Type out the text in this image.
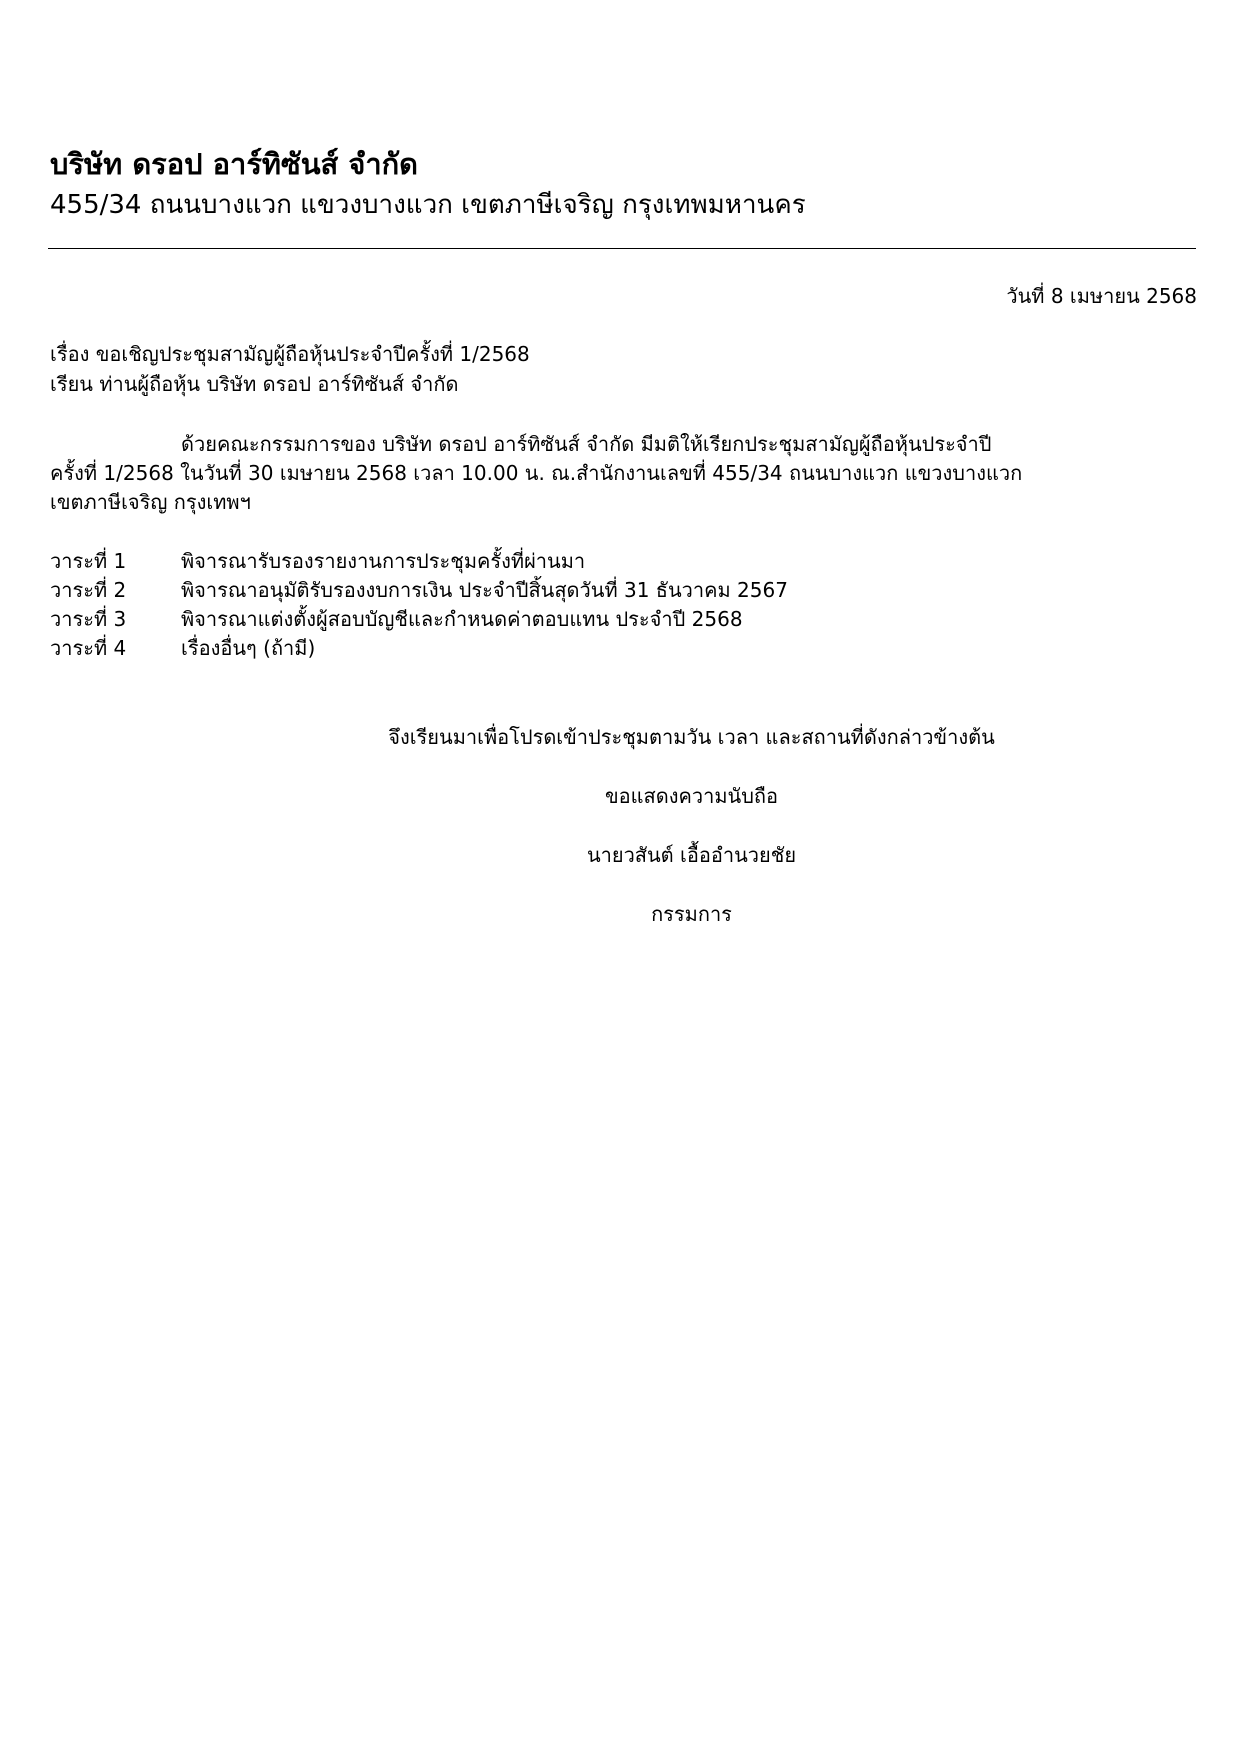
บริษัท ดรอป อาร์ทิซันส์ จำกัด
455/34 ถนนบางแวก แขวงบางแวก เขตภาษีเจริญ กรุงเทพมหานคร
วันที่ 8 เมษายน 2568
เรื่อง ขอเชิญประชุมสามัญผู้ถือหุ้นประจำปีครั้งที่ 1/2568
เรียน ท่านผู้ถือหุ้น บริษัท ดรอป อาร์ทิซันส์ จำกัด
ด้วยคณะกรรมการของ บริษัท ดรอป อาร์ทิซันส์ จำกัด มีมติให้เรียกประชุมสามัญผู้ถือหุ้นประจำปี
ครั้งที่ 1/2568 ในวันที่ 30 เมษายน 2568 เวลา 10.00 น. ณ.สำนักงานเลขที่ 455/34 ถนนบางแวก แขวงบางแวก
เขตภาษีเจริญ กรุงเทพฯ
วาระที่ 1	พิจารณารับรองรายงานการประชุมครั้งที่ผ่านมา
วาระที่ 2	พิจารณาอนุมัติรับรองงบการเงิน ประจำปีสิ้นสุดวันที่ 31 ธันวาคม 2567
วาระที่ 3	พิจารณาแต่งตั้งผู้สอบบัญชีและกำหนดค่าตอบแทน ประจำปี 2568
วาระที่ 4	เรื่องอื่นๆ (ถ้ามี)
จึงเรียนมาเพื่อโปรดเข้าประชุมตามวัน เวลา และสถานที่ดังกล่าวข้างต้น
ขอแสดงความนับถือ
นายวสันต์ เอื้ออำนวยชัย
กรรมการ
